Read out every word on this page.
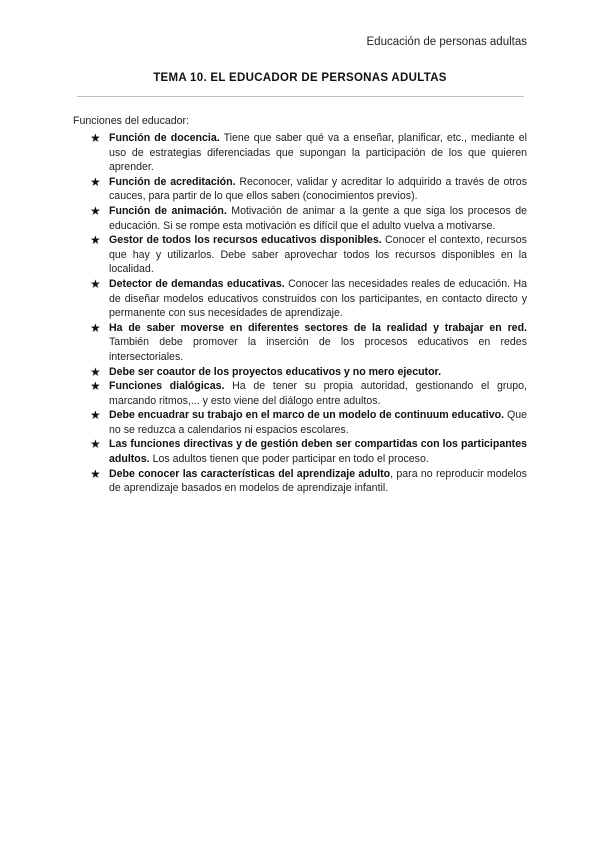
Educación de personas adultas
TEMA 10. EL EDUCADOR DE PERSONAS ADULTAS
Funciones del educador:
★ Función de docencia. Tiene que saber qué va a enseñar, planificar, etc., mediante el uso de estrategias diferenciadas que supongan la participación de los que quieren aprender.
★ Función de acreditación. Reconocer, validar y acreditar lo adquirido a través de otros cauces, para partir de lo que ellos saben (conocimientos previos).
★ Función de animación. Motivación de animar a la gente a que siga los procesos de educación. Si se rompe esta motivación es difícil que el adulto vuelva a motivarse.
★ Gestor de todos los recursos educativos disponibles. Conocer el contexto, recursos que hay y utilizarlos. Debe saber aprovechar todos los recursos disponibles en la localidad.
★ Detector de demandas educativas. Conocer las necesidades reales de educación. Ha de diseñar modelos educativos construidos con los participantes, en contacto directo y permanente con sus necesidades de aprendizaje.
★ Ha de saber moverse en diferentes sectores de la realidad y trabajar en red. También debe promover la inserción de los procesos educativos en redes intersectoriales.
★ Debe ser coautor de los proyectos educativos y no mero ejecutor.
★ Funciones dialógicas. Ha de tener su propia autoridad, gestionando el grupo, marcando ritmos,... y esto viene del diálogo entre adultos.
★ Debe encuadrar su trabajo en el marco de un modelo de continuum educativo. Que no se reduzca a calendarios ni espacios escolares.
★ Las funciones directivas y de gestión deben ser compartidas con los participantes adultos. Los adultos tienen que poder participar en todo el proceso.
★ Debe conocer las características del aprendizaje adulto, para no reproducir modelos de aprendizaje basados en modelos de aprendizaje infantil.
